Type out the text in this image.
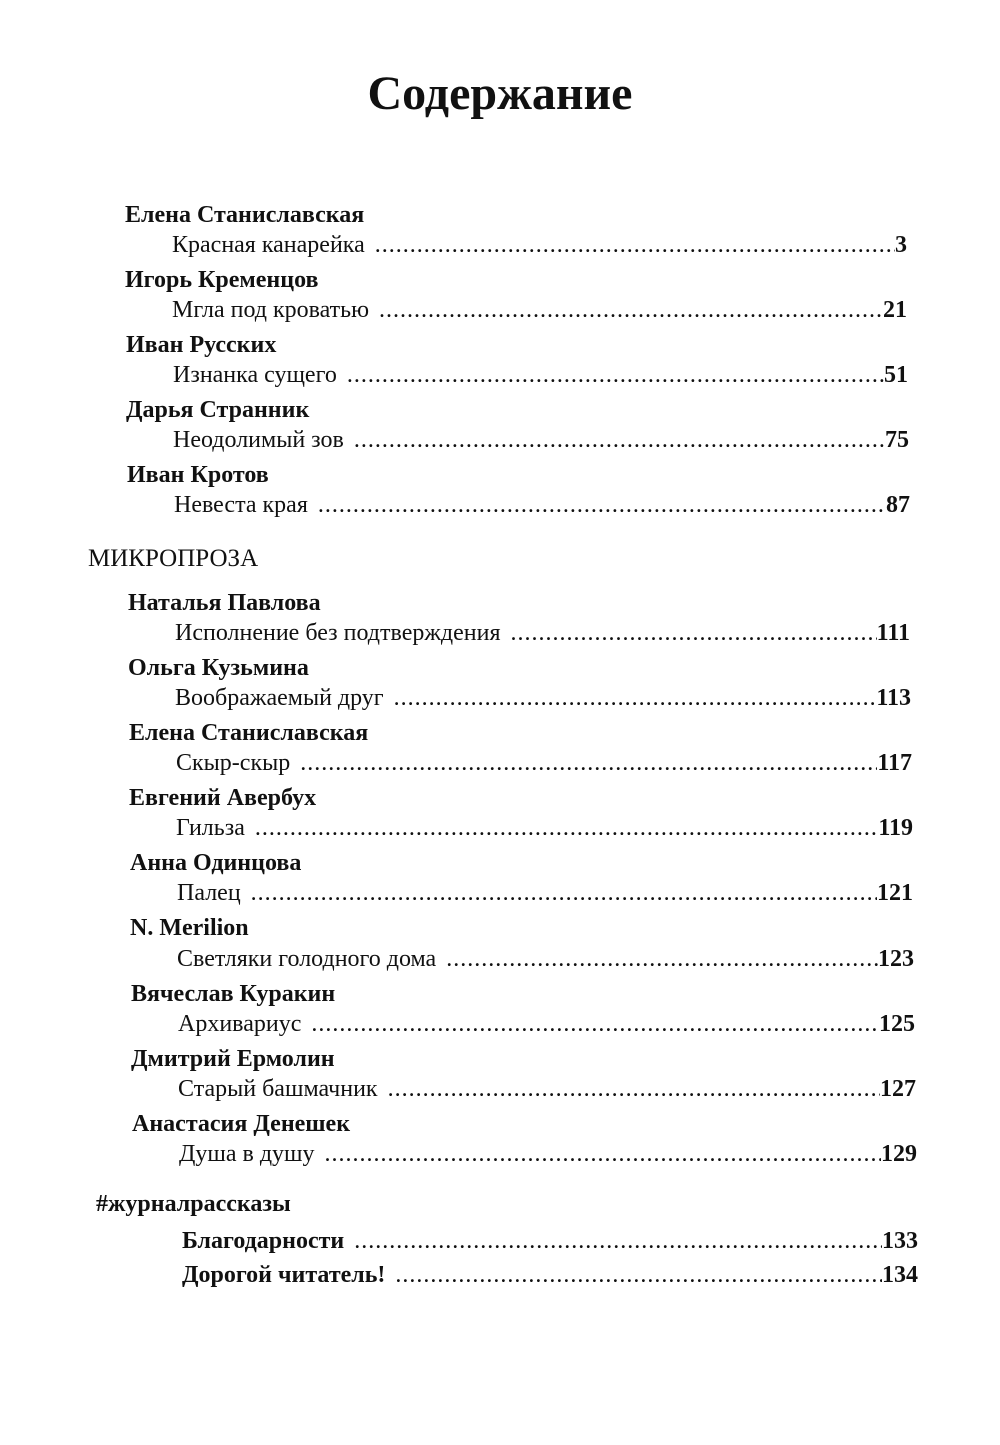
Содержание
Елена Станиславская
Красная канарейка .....	3
Игорь Кременцов
Мгла под кроватью .....	21
Иван Русских
Изнанка сущего .....	51
Дарья Странник
Неодолимый зов .....	75
Иван Кротов
Невеста края .....	87
МИКРОПРОЗА
Наталья Павлова
Исполнение без подтверждения .....	111
Ольга Кузьмина
Воображаемый друг .....	113
Елена Станиславская
Скыр-скыр .....	117
Евгений Авербух
Гильза .....	119
Анна Одинцова
Палец .....	121
N. Merilion
Светляки голодного дома .....	123
Вячеслав Куракин
Архивариус .....	125
Дмитрий Ермолин
Старый башмачник .....	127
Анастасия Денешек
Душа в душу .....	129
#журналрассказы
Благодарности .....	133
Дорогой читатель! .....	134
